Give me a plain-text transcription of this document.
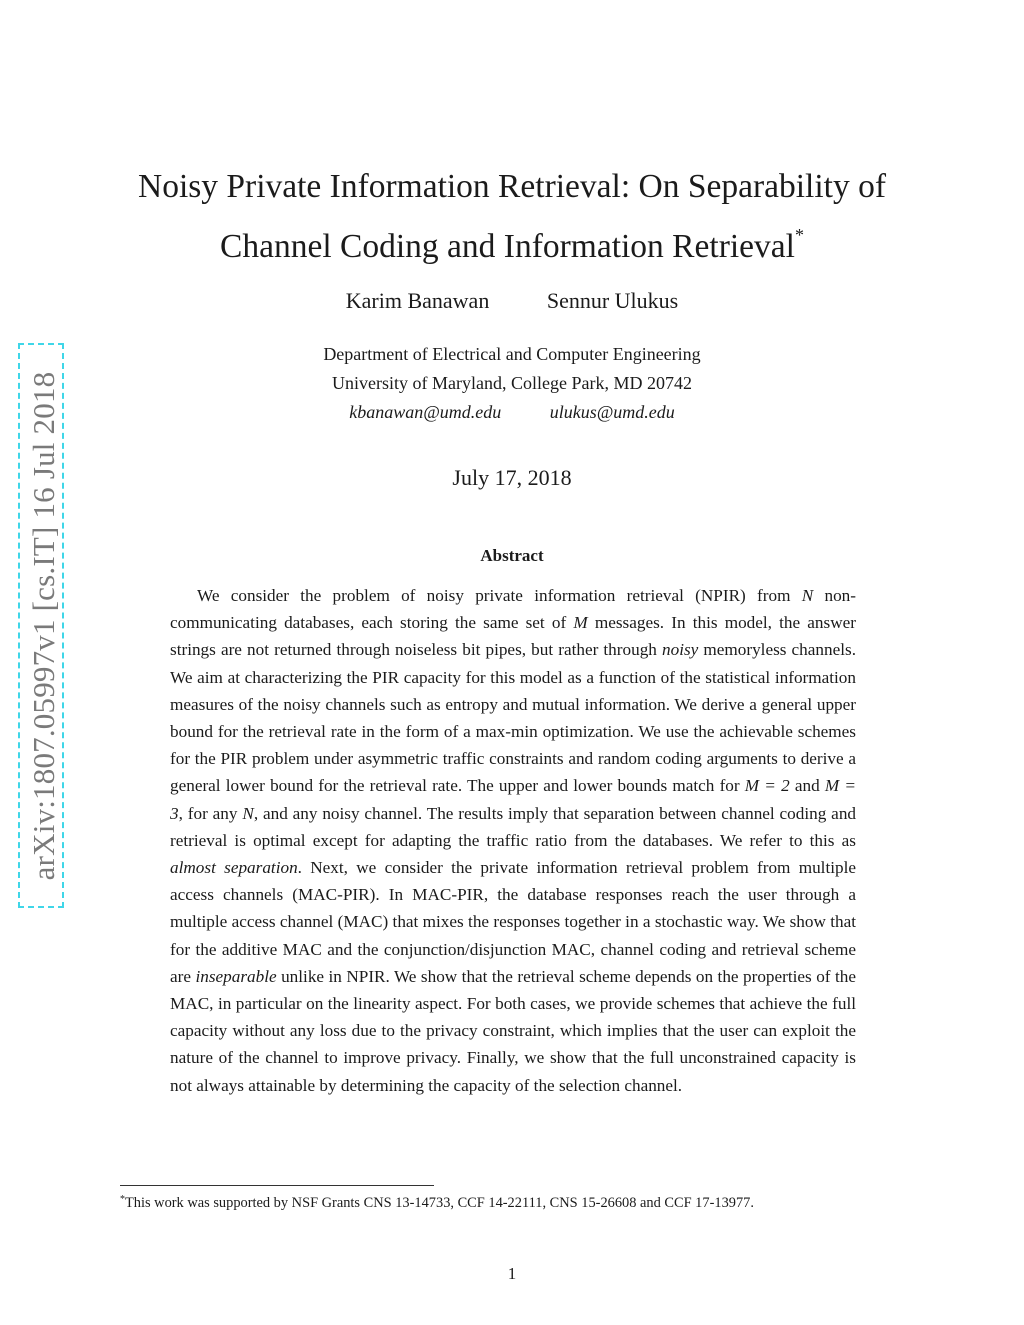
arXiv:1807.05997v1 [cs.IT] 16 Jul 2018
Noisy Private Information Retrieval: On Separability of
Channel Coding and Information Retrieval*
Karim Banawan	Sennur Ulukus
Department of Electrical and Computer Engineering
University of Maryland, College Park, MD 20742
kbanawan@umd.edu	ulukus@umd.edu
July 17, 2018
Abstract

We consider the problem of noisy private information retrieval (NPIR) from N non-communicating databases, each storing the same set of M messages. In this model, the answer strings are not returned through noiseless bit pipes, but rather through noisy memoryless channels. We aim at characterizing the PIR capacity for this model as a function of the statistical information measures of the noisy channels such as entropy and mutual information. We derive a general upper bound for the retrieval rate in the form of a max-min optimization. We use the achievable schemes for the PIR problem under asymmetric traffic constraints and random coding arguments to derive a general lower bound for the retrieval rate. The upper and lower bounds match for M = 2 and M = 3, for any N, and any noisy channel. The results imply that separation between channel coding and retrieval is optimal except for adapting the traffic ratio from the databases. We refer to this as almost separation. Next, we consider the private information retrieval problem from multiple access channels (MAC-PIR). In MAC-PIR, the database responses reach the user through a multiple access channel (MAC) that mixes the responses together in a stochastic way. We show that for the additive MAC and the conjunction/disjunction MAC, channel coding and retrieval scheme are inseparable unlike in NPIR. We show that the retrieval scheme depends on the properties of the MAC, in particular on the linearity aspect. For both cases, we provide schemes that achieve the full capacity without any loss due to the privacy constraint, which implies that the user can exploit the nature of the channel to improve privacy. Finally, we show that the full unconstrained capacity is not always attainable by determining the capacity of the selection channel.

*This work was supported by NSF Grants CNS 13-14733, CCF 14-22111, CNS 15-26608 and CCF 17-13977.

1
